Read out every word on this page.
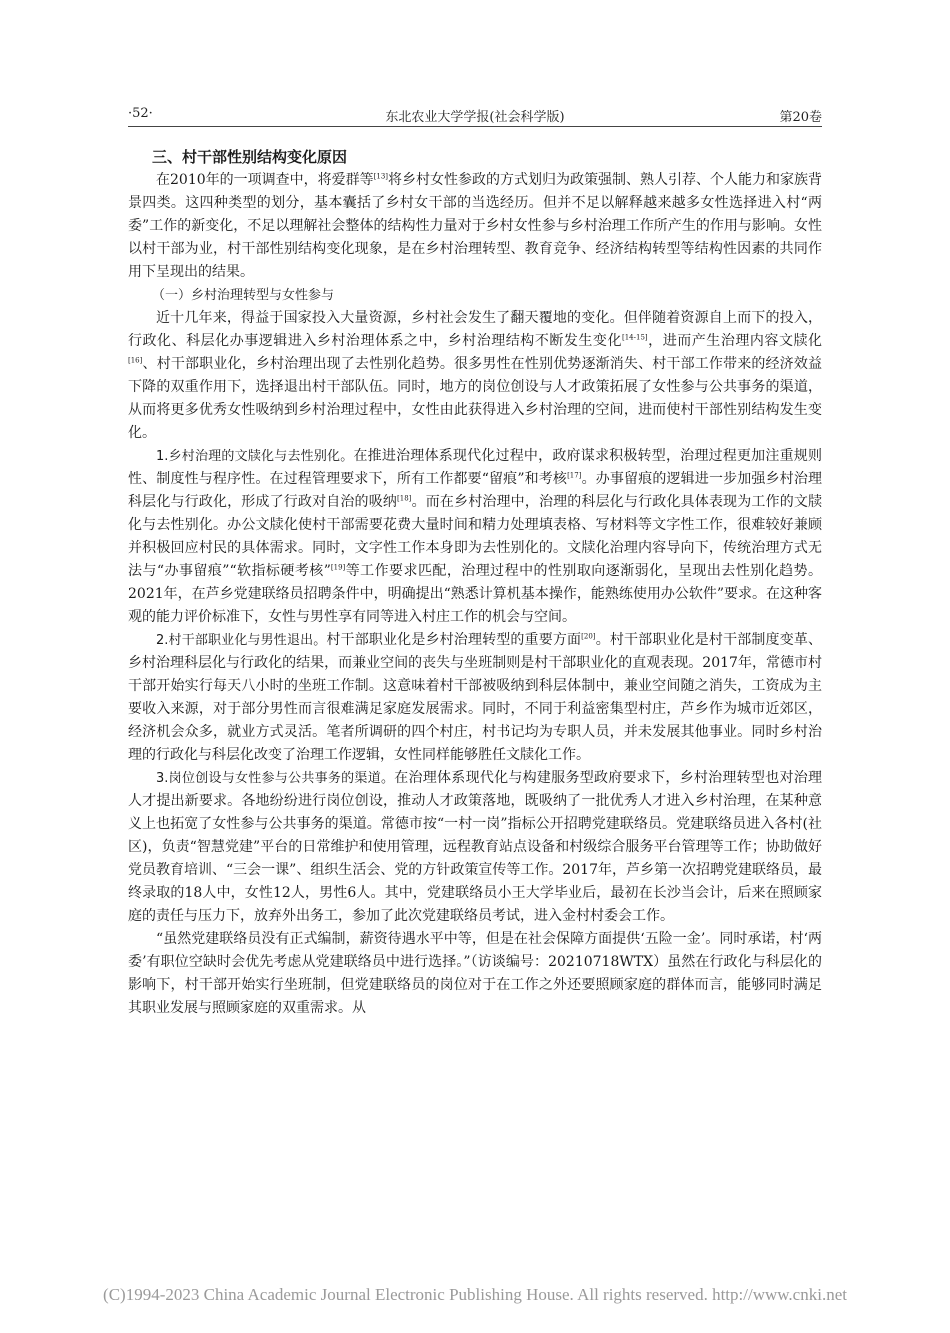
·52·	东北农业大学学报(社会科学版)	第20卷
三、村干部性别结构变化原因

在2010年的一项调查中，将爱群等[13]将乡村女性参政的方式划归为政策强制、熟人引荐、个人能力和家族背景四类。这四种类型的划分，基本囊括了乡村女干部的当选经历。但并不足以解释越来越多女性选择进入村“两委”工作的新变化，不足以理解社会整体的结构性力量对于乡村女性参与乡村治理工作所产生的作用与影响。女性以村干部为业，村干部性别结构变化现象，是在乡村治理转型、教育竞争、经济结构转型等结构性因素的共同作用下呈现出的结果。

（一）乡村治理转型与女性参与

近十几年来，得益于国家投入大量资源，乡村社会发生了翻天覆地的变化。但伴随着资源自上而下的投入，行政化、科层化办事逻辑进入乡村治理体系之中，乡村治理结构不断发生变化[14-15]，进而产生治理内容文牍化[16]、村干部职业化，乡村治理出现了去性别化趋势。很多男性在性别优势逐渐消失、村干部工作带来的经济效益下降的双重作用下，选择退出村干部队伍。同时，地方的岗位创设与人才政策拓展了女性参与公共事务的渠道，从而将更多优秀女性吸纳到乡村治理过程中，女性由此获得进入乡村治理的空间，进而使村干部性别结构发生变化。

1.乡村治理的文牍化与去性别化。在推进治理体系现代化过程中，政府谋求积极转型，治理过程更加注重规则性、制度性与程序性。在过程管理要求下，所有工作都要“留痕”和考核[17]。办事留痕的逻辑进一步加强乡村治理科层化与行政化，形成了行政对自治的吸纳[18]。而在乡村治理中，治理的科层化与行政化具体表现为工作的文牍化与去性别化。办公文牍化使村干部需要花费大量时间和精力处理填表格、写材料等文字性工作，很难较好兼顾并积极回应村民的具体需求。同时，文字性工作本身即为去性别化的。文牍化治理内容导向下，传统治理方式无法与“办事留痕”“软指标硬考核”[19]等工作要求匹配，治理过程中的性别取向逐渐弱化，呈现出去性别化趋势。2021年，在芦乡党建联络员招聘条件中，明确提出“熟悉计算机基本操作，能熟练使用办公软件”要求。在这种客观的能力评价标准下，女性与男性享有同等进入村庄工作的机会与空间。

2.村干部职业化与男性退出。村干部职业化是乡村治理转型的重要方面[20]。村干部职业化是村干部制度变革、乡村治理科层化与行政化的结果，而兼业空间的丧失与坐班制则是村干部职业化的直观表现。2017年，常德市村干部开始实行每天八小时的坐班工作制。这意味着村干部被吸纳到科层体制中，兼业空间随之消失，工资成为主要收入来源，对于部分男性而言很难满足家庭发展需求。同时，不同于利益密集型村庄，芦乡作为城市近郊区，经济机会众多，就业方式灵活。笔者所调研的四个村庄，村书记均为专职人员，并未发展其他事业。同时乡村治理的行政化与科层化改变了治理工作逻辑，女性同样能够胜任文牍化工作。

3.岗位创设与女性参与公共事务的渠道。在治理体系现代化与构建服务型政府要求下，乡村治理转型也对治理人才提出新要求。各地纷纷进行岗位创设，推动人才政策落地，既吸纳了一批优秀人才进入乡村治理，在某种意义上也拓宽了女性参与公共事务的渠道。常德市按“一村一岗”指标公开招聘党建联络员。党建联络员进入各村(社区)，负责“智慧党建”平台的日常维护和使用管理，远程教育站点设备和村级综合服务平台管理等工作；协助做好党员教育培训、“三会一课”、组织生活会、党的方针政策宣传等工作。2017年，芦乡第一次招聘党建联络员，最终录取的18人中，女性12人，男性6人。其中，党建联络员小王大学毕业后，最初在长沙当会计，后来在照顾家庭的责任与压力下，放弃外出务工，参加了此次党建联络员考试，进入金村村委会工作。

“虽然党建联络员没有正式编制，薪资待遇水平中等，但是在社会保障方面提供‘五险一金’。同时承诺，村‘两委’有职位空缺时会优先考虑从党建联络员中进行选择。”（访谈编号：20210718WTX）虽然在行政化与科层化的影响下，村干部开始实行坐班制，但党建联络员的岗位对于在工作之外还要照顾家庭的群体而言，能够同时满足其职业发展与照顾家庭的双重需求。从

(C)1994-2023 China Academic Journal Electronic Publishing House. All rights reserved. http://www.cnki.net
